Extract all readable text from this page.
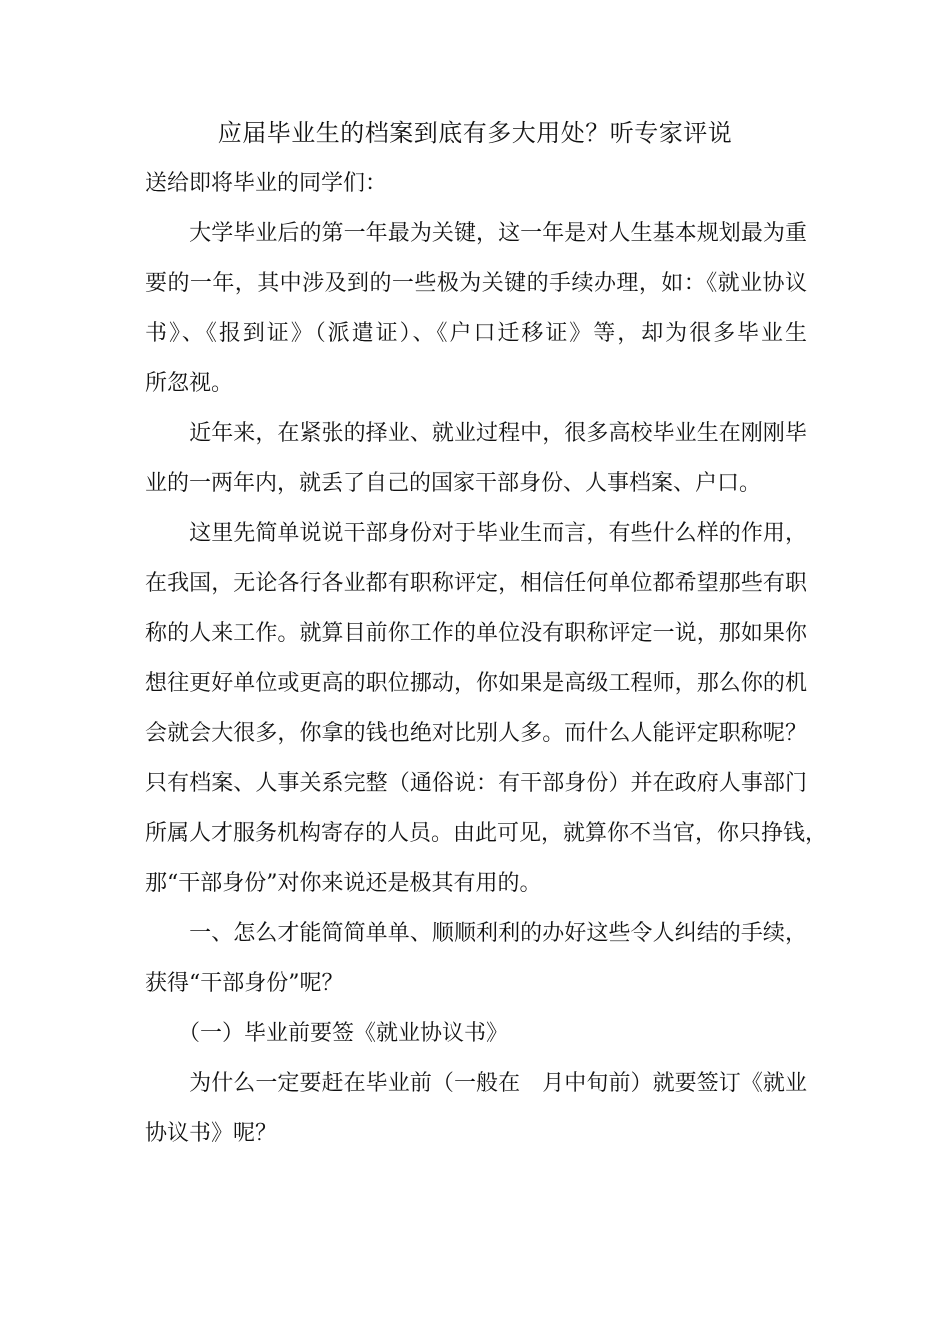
应届毕业生的档案到底有多大用处？听专家评说
送给即将毕业的同学们：
　　大学毕业后的第一年最为关键，这一年是对人生基本规划最为重
要的一年，其中涉及到的一些极为关键的手续办理，如：《就业协议
书》、《报到证》（派遣证）、《户口迁移证》等，却为很多毕业生
所忽视。
　　近年来，在紧张的择业、就业过程中，很多高校毕业生在刚刚毕
业的一两年内，就丢了自己的国家干部身份、人事档案、户口。
　　这里先简单说说干部身份对于毕业生而言，有些什么样的作用，
在我国，无论各行各业都有职称评定，相信任何单位都希望那些有职
称的人来工作。就算目前你工作的单位没有职称评定一说，那如果你
想往更好单位或更高的职位挪动，你如果是高级工程师，那么你的机
会就会大很多，你拿的钱也绝对比别人多。而什么人能评定职称呢？
只有档案、人事关系完整（通俗说：有干部身份）并在政府人事部门
所属人才服务机构寄存的人员。由此可见，就算你不当官，你只挣钱，
那“干部身份”对你来说还是极其有用的。
　　一、怎么才能简简单单、顺顺利利的办好这些令人纠结的手续，
获得“干部身份”呢？
　　（一）毕业前要签《就业协议书》
　　为什么一定要赶在毕业前（一般在　月中旬前）就要签订《就业
协议书》呢？
